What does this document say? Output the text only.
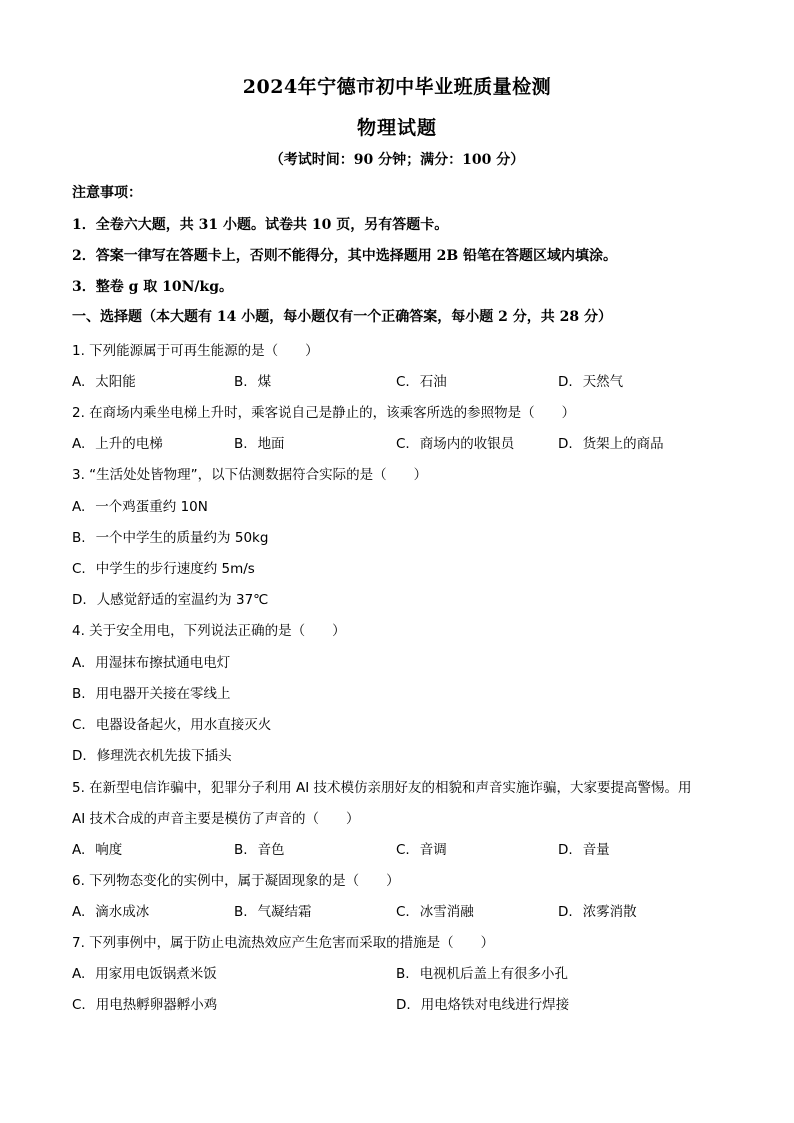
2024年宁德市初中毕业班质量检测
物理试题
（考试时间：90 分钟；满分：100 分）
注意事项：
1．全卷六大题，共 31 小题。试卷共 10 页，另有答题卡。
2．答案一律写在答题卡上，否则不能得分，其中选择题用 2B 铅笔在答题区域内填涂。
3．整卷 g 取 10N/kg。
一、选择题（本大题有 14 小题，每小题仅有一个正确答案，每小题 2 分，共 28 分）
1. 下列能源属于可再生能源的是（　　）
A. 太阳能	B. 煤	C. 石油	D. 天然气
2. 在商场内乘坐电梯上升时，乘客说自己是静止的，该乘客所选的参照物是（　　）
A. 上升的电梯	B. 地面	C. 商场内的收银员	D. 货架上的商品
3. “生活处处皆物理”，以下估测数据符合实际的是（　　）
A. 一个鸡蛋重约 10N
B. 一个中学生的质量约为 50kg
C. 中学生的步行速度约 5m/s
D. 人感觉舒适的室温约为 37℃
4. 关于安全用电，下列说法正确的是（　　）
A. 用湿抹布擦拭通电电灯
B. 用电器开关接在零线上
C. 电器设备起火，用水直接灭火
D. 修理洗衣机先拔下插头
5. 在新型电信诈骗中，犯罪分子利用 AI 技术模仿亲朋好友的相貌和声音实施诈骗，大家要提高警惕。用
AI 技术合成的声音主要是模仿了声音的（　　）
A. 响度	B. 音色	C. 音调	D. 音量
6. 下列物态变化的实例中，属于凝固现象的是（　　）
A. 滴水成冰	B. 气凝结霜	C. 冰雪消融	D. 浓雾消散
7. 下列事例中，属于防止电流热效应产生危害而采取的措施是（　　）
A. 用家用电饭锅煮米饭	B. 电视机后盖上有很多小孔
C. 用电热孵卵器孵小鸡	D. 用电烙铁对电线进行焊接
